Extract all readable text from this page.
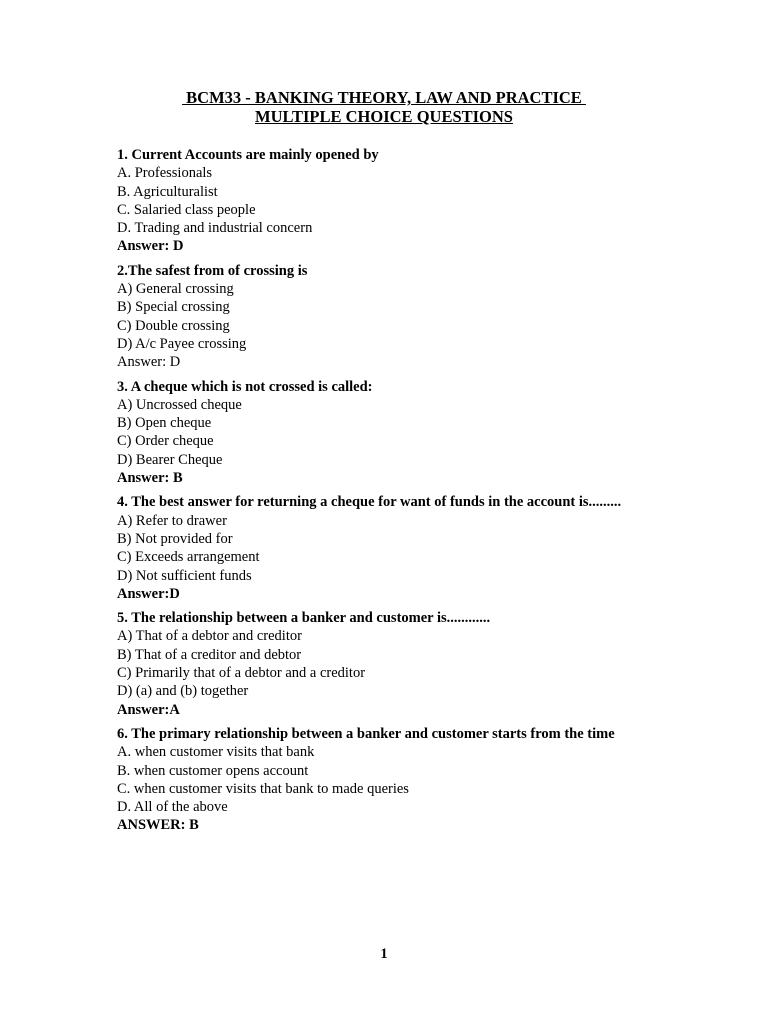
BCM33 - BANKING THEORY, LAW AND PRACTICE
MULTIPLE CHOICE QUESTIONS
1. Current Accounts are mainly opened by
A. Professionals
B. Agriculturalist
C. Salaried class people
D. Trading and industrial concern
Answer: D
2.The safest from of crossing is
A) General crossing
B) Special crossing
C) Double crossing
D) A/c Payee crossing
Answer: D
3. A cheque which is not crossed is called:
A) Uncrossed cheque
B) Open cheque
C) Order cheque
D) Bearer Cheque
Answer: B
4. The best answer for returning a cheque for want of funds in the account is.........
A) Refer to drawer
B) Not provided for
C) Exceeds arrangement
D) Not sufficient funds
Answer:D
5. The relationship between a banker and customer is............
A) That of a debtor and creditor
B) That of a creditor and debtor
C) Primarily that of a debtor and a creditor
D) (a) and (b) together
Answer:A
6. The primary relationship between a banker and customer starts from the time
A. when customer visits that bank
B. when customer opens account
C. when customer visits that bank to made queries
D. All of the above
ANSWER: B
1
